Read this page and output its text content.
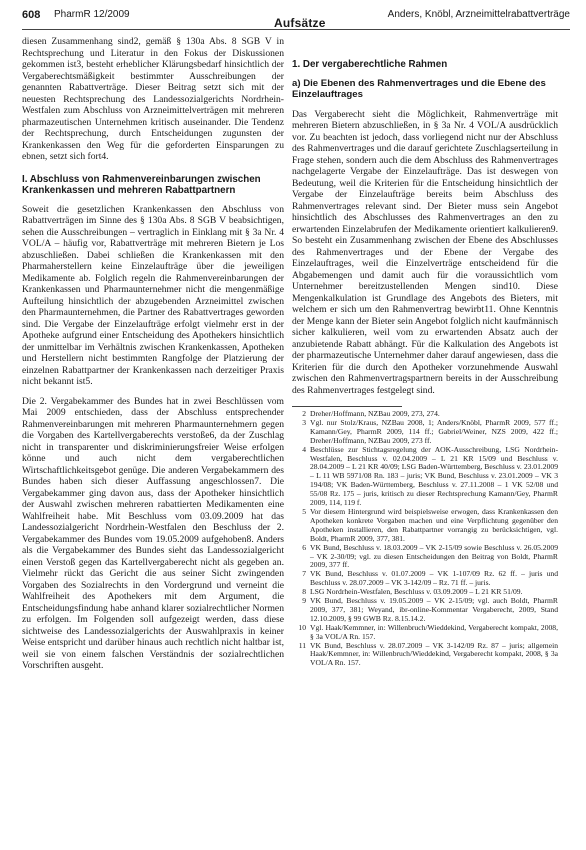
608 PharmR 12/2009
Aufsätze
Anders, Knöbl, Arzneimittelrabattverträge

diesen Zusammenhang sind2, gemäß § 130a Abs. 8 SGB V in Rechtsprechung und Literatur in den Fokus der Diskussionen gekommen ist3, besteht erheblicher Klärungsbedarf hinsichtlich der Vergaberechtsmäßigkeit bestimmter Ausschreibungen der genannten Rabattverträge. Dieser Beitrag setzt sich mit der neuesten Rechtsprechung des Landessozialgerichts Nordrhein-Westfalen zum Abschluss von Arzneimittelverträgen mit mehreren pharmazeutischen Unternehmen kritisch auseinander. Die Tendenz der Rechtsprechung, durch Entscheidungen zugunsten der Krankenkassen den Weg für die geforderten Einsparungen zu ebnen, setzt sich fort4.

I. Abschluss von Rahmenvereinbarungen zwischen Krankenkassen und mehreren Rabattpartnern

Soweit die gesetzlichen Krankenkassen den Abschluss von Rabattverträgen im Sinne des § 130a Abs. 8 SGB V beabsichtigen, sehen die Ausschreibungen – vertraglich in Einklang mit § 3a Nr. 4 VOL/A – häufig vor, Rabattverträge mit mehreren Bietern je Los abzuschließen. Dabei schließen die Krankenkassen mit den Pharmaherstellern keine Einzelaufträge über die jeweiligen Medikamente ab. Folglich regeln die Rahmenvereinbarungen der Krankenkassen und Pharmaunternehmer nicht die mengenmäßige Aufteilung hinsichtlich der abzugebenden Arzneimittel zwischen den Pharmaunternehmen, die Partner des Rabattvertrages geworden sind. Die Vergabe der Einzelaufträge erfolgt vielmehr erst in der Apotheke aufgrund einer Entscheidung des Apothekers hinsichtlich der unmittelbar im Verhältnis zwischen Krankenkassen, Apotheken und Herstellern nicht bestimmten Rangfolge der Platzierung der einzelnen Rabattpartner der Krankenkassen nach derzeitiger Praxis nicht bekannt ist5.

Die 2. Vergabekammer des Bundes hat in zwei Beschlüssen vom Mai 2009 entschieden, dass der Abschluss entsprechender Rahmenvereinbarungen mit mehreren Pharmaunternehmern gegen die Vorgaben des Kartellvergaberechts verstoße6, da der Zuschlag nicht in transparenter und diskriminierungsfreier Weise erfolgen könne und auch nicht dem vergaberechtlichen Wirtschaftlichkeitsgebot genüge. Die anderen Vergabekammern des Bundes haben sich dieser Auffassung angeschlossen7. Die Vergabekammer ging davon aus, dass der Apotheker hinsichtlich der Auswahl zwischen mehreren rabattierten Medikamenten eine Wahlfreiheit habe. Mit Beschluss vom 03.09.2009 hat das Landessozialgericht Nordrhein-Westfalen den Beschluss der 2. Vergabekammer des Bundes vom 19.05.2009 aufgehoben8. Anders als die Vergabekammer des Bundes sieht das Landessozialgericht einen Verstoß gegen das Kartellvergaberecht nicht als gegeben an. Vielmehr rückt das Gericht die aus seiner Sicht zwingenden Vorgaben des Sozialrechts in den Vordergrund und verneint die Wahlfreiheit des Apothekers mit dem Argument, die Entscheidungsfindung habe anhand klarer sozialrechtlicher Normen zu erfolgen. Im Folgenden soll aufgezeigt werden, dass diese sichtweise des Landessozialgerichts der Auswahlpraxis in keiner Weise entspricht und darüber hinaus auch rechtlich nicht haltbar ist, weil sie von einem falschen Verständnis der sozialrechtlichen Vorschriften ausgeht.

1. Der vergaberechtliche Rahmen
a) Die Ebenen des Rahmenvertrages und die Ebene des Einzelauftrages

Das Vergaberecht sieht die Möglichkeit, Rahmenverträge mit mehreren Bietern abzuschließen, in § 3a Nr. 4 VOL/A ausdrücklich vor. Zu beachten ist jedoch, dass vorliegend nicht nur der Abschluss des Rahmenvertrages und die darauf gerichtete Zuschlagserteilung in Frage stehen, sondern auch die dem Abschluss des Rahmenvertrages nachgelagerte Vergabe der Einzelaufträge. Das ist deswegen von Bedeutung, weil die Kriterien für die Entscheidung hinsichtlich der Vergabe der Einzelaufträge bereits beim Abschluss des Rahmenvertrages relevant sind. Der Bieter muss sein Angebot hinsichtlich des Abschlusses des Rahmenvertrages an den zu erwartenden Einzelabrufen der Medikamente orientiert kalkulieren9. So besteht ein Zusammenhang zwischen der Ebene des Abschlusses des Rahmenvertrages und der Ebene der Vergabe des Einzelauftrages, weil die Einzelverträge entscheidend für die Abgabemengen und damit auch für die voraussichtlich vom Unternehmer bereitzustellenden Mengen sind10. Diese Mengenkalkulation ist Grundlage des Angebots des Bieters, mit welchem er sich um den Rahmenvertrag bewirbt11. Ohne Kenntnis der Menge kann der Bieter sein Angebot folglich nicht kaufmännisch sicher kalkulieren, weil vom zu erwartenden Absatz auch der anzubietende Rabatt abhängt. Für die Kalkulation des Angebots ist der pharmazeutische Unternehmer daher darauf angewiesen, dass die Kriterien für die durch den Apotheker vorzunehmende Auswahl zwischen den Rahmenvertragspartnern bereits in der Ausschreibung des Rahmenvertrages festgelegt sind.

2 Dreher/Hoffmann, NZBau 2009, 273, 274.
3 Vgl. nur Stolz/Kraus, NZBau 2008, 1; Anders/Knöbl, PharmR 2009, 577 ff.; Kamann/Gey, PharmR 2009, 114 ff.; Gabriel/Weiner, NZS 2009, 422 ff.; Dreher/Hoffmann, NZBau 2009, 273 ff.
4 Beschlüsse zur Stichtagsregelung der AOK-Ausschreibung, LSG Nordrhein-Westfalen, Beschluss v. 02.04.2009 – L 21 KR 15/09 und Beschluss v. 28.04.2009 – L 21 KR 40/09; LSG Baden-Württemberg, Beschluss v. 23.01.2009 – L 11 WB 5971/08 Rn. 183 – juris; VK Bund, Beschluss v. 23.01.2009 – VK 3 194/08; VK Baden-Württemberg, Beschluss v. 27.11.2008 – 1 VK 52/08 und 55/08 Rz. 175 – juris, kritisch zu dieser Rechtsprechung Kamann/Gey, PharmR 2009, 114, 119 f.
5 Vor diesem Hintergrund wird beispielsweise erwogen, dass Krankenkassen den Apotheken konkrete Vorgaben machen und eine Verpflichtung gegenüber den Apotheken installieren, den Rabattpartner vorrangig zu berücksichtigen, vgl. Boldt, PharmR 2009, 377, 381.
6 VK Bund, Beschluss v. 18.03.2009 – VK 2-15/09 sowie Beschluss v. 26.05.2009 – VK 2-30/09; vgl. zu diesen Entscheidungen den Beitrag von Boldt, PharmR 2009, 377 ff.
7 VK Bund, Beschluss v. 01.07.2009 – VK 1-107/09 Rz. 62 ff. – juris und Beschluss v. 28.07.2009 – VK 3-142/09 – Rz. 71 ff. – juris.
8 LSG Nordrhein-Westfalen, Beschluss v. 03.09.2009 – L 21 KR 51/09.
9 VK Bund, Beschluss v. 19.05.2009 – VK 2-15/09; vgl. auch Boldt, PharmR 2009, 377, 381; Weyand, ibr-online-Kommentar Vergaberecht, 2009, Stand 12.10.2009, § 99 GWB Rz. 8.15.14.2.
10 Vgl. Haak/Kemmner, in: Willenbruch/Wieddekind, Vergaberecht kompakt, 2008, § 3a VOL/A Rn. 157.
11 VK Bund, Beschluss v. 28.07.2009 – VK 3-142/09 Rz. 87 – juris; allgemein Haak/Kemmner, in: Willenbruch/Wieddekind, Vergaberecht kompakt, 2008, § 3a VOL/A Rn. 157.
